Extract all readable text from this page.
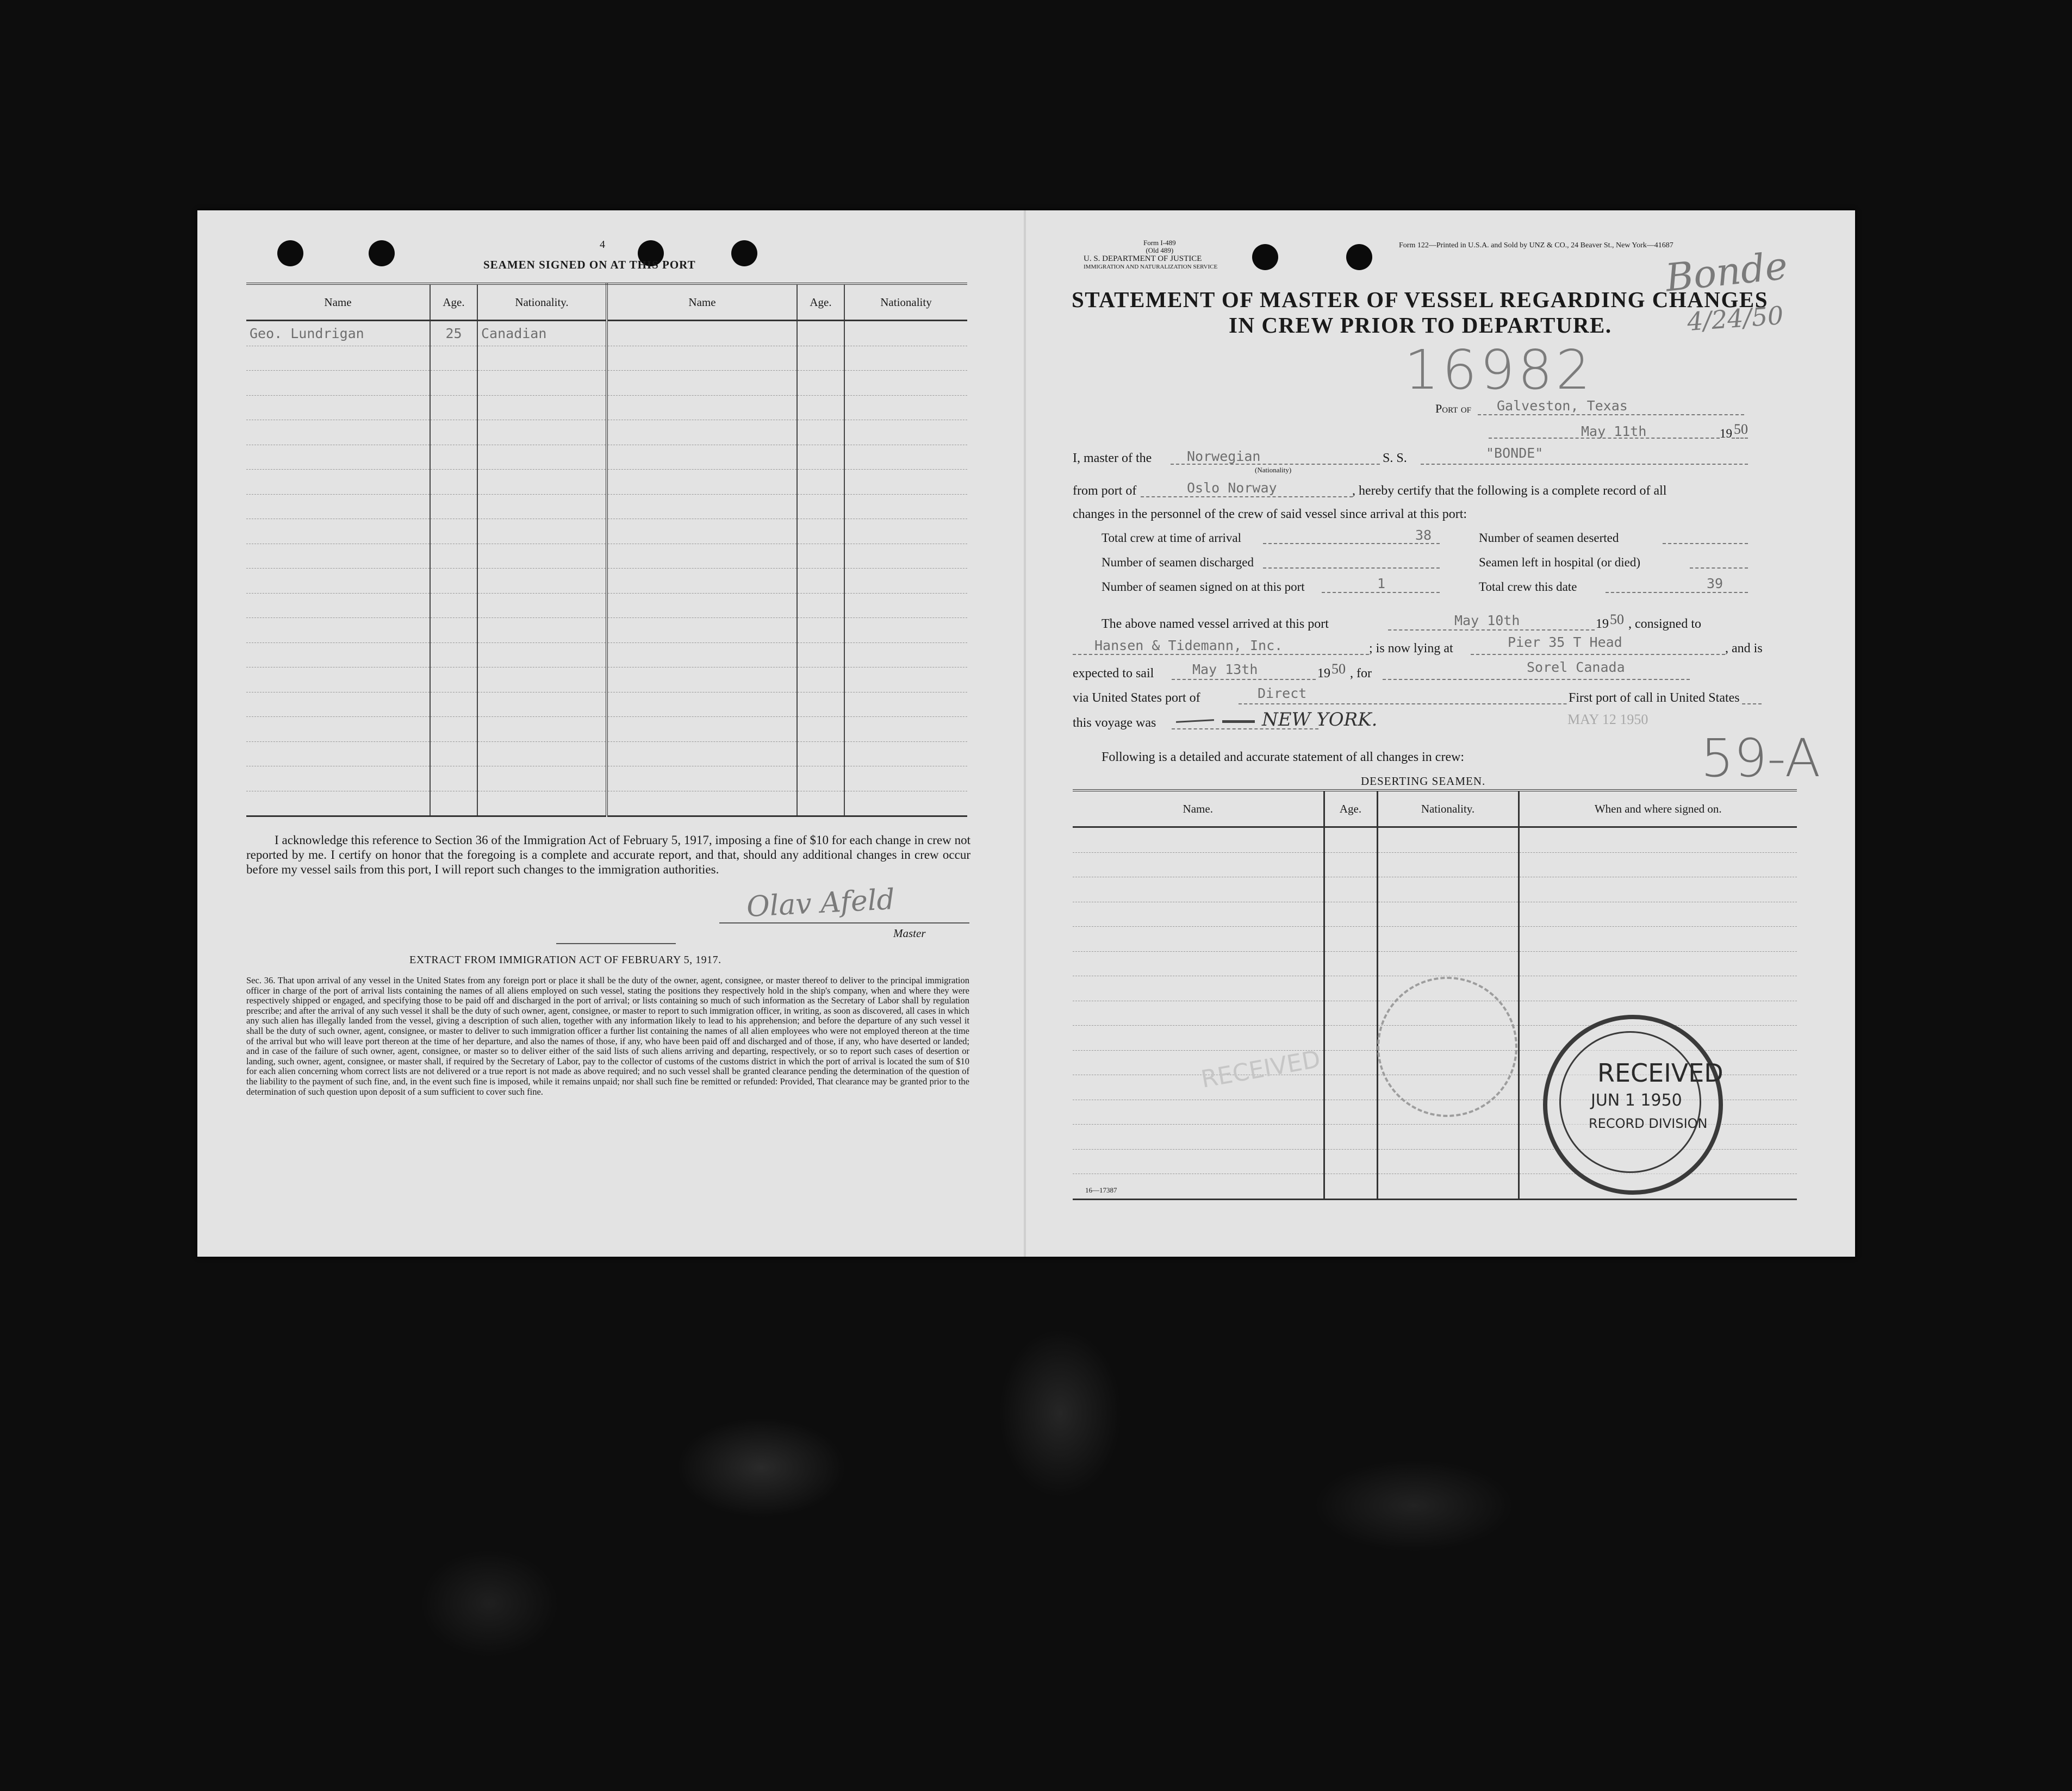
4
SEAMEN SIGNED ON AT THIS PORT
Name	Age.	Nationality.	Name	Age.	Nationality
Geo. Lundrigan	25	Canadian			

I acknowledge this reference to Section 36 of the Immigration Act of February 5, 1917, imposing a fine of $10 for each change in crew not reported by me. I certify on honor that the foregoing is a complete and accurate report, and that, should any additional changes in crew occur before my vessel sails from this port, I will report such changes to the immigration authorities.
Olav Afeld
Master
EXTRACT FROM IMMIGRATION ACT OF FEBRUARY 5, 1917.
Sec. 36. That upon arrival of any vessel in the United States from any foreign port or place it shall be the duty of the owner, agent, consignee, or master thereof to deliver to the principal immigration officer in charge of the port of arrival lists containing the names of all aliens employed on such vessel, stating the positions they respectively hold in the ship's company, when and where they were respectively shipped or engaged, and specifying those to be paid off and discharged in the port of arrival; or lists containing so much of such information as the Secretary of Labor shall by regulation prescribe; and after the arrival of any such vessel it shall be the duty of such owner, agent, consignee, or master to report to such immigration officer, in writing, as soon as discovered, all cases in which any such alien has illegally landed from the vessel, giving a description of such alien, together with any information likely to lead to his apprehension; and before the departure of any such vessel it shall be the duty of such owner, agent, consignee, or master to deliver to such immigration officer a further list containing the names of all alien employees who were not employed thereon at the time of the arrival but who will leave port thereon at the time of her departure, and also the names of those, if any, who have been paid off and discharged and of those, if any, who have deserted or landed; and in case of the failure of such owner, agent, consignee, or master so to deliver either of the said lists of such aliens arriving and departing, respectively, or so to report such cases of desertion or landing, such owner, agent, consignee, or master shall, if required by the Secretary of Labor, pay to the collector of customs of the customs district in which the port of arrival is located the sum of $10 for each alien concerning whom correct lists are not delivered or a true report is not made as above required; and no such vessel shall be granted clearance pending the determination of the question of the liability to the payment of such fine, and, in the event such fine is imposed, while it remains unpaid; nor shall such fine be remitted or refunded: Provided, That clearance may be granted prior to the determination of such question upon deposit of a sum sufficient to cover such fine.
Form I-489
(Old 489)
U. S. DEPARTMENT OF JUSTICE
IMMIGRATION AND NATURALIZATION SERVICE
Form 122—Printed in U.S.A. and Sold by UNZ & CO., 24 Beaver St., New York—41687
STATEMENT OF MASTER OF VESSEL REGARDING CHANGES
IN CREW PRIOR TO DEPARTURE.
Bonde
4/24/50
16982
Port of Galveston, Texas
May 11th	19 50
I, master of the	Norwegian
(Nationality)
S. S.	"BONDE"
from port of	Oslo Norway	, hereby certify that the following is a complete record of all
changes in the personnel of the crew of said vessel since arrival at this port:
Total crew at time of arrival	38	Number of seamen deserted
Number of seamen discharged	Seamen left in hospital (or died)
Number of seamen signed on at this port	1	Total crew this date	39
The above named vessel arrived at this port	May 10th	19 50 , consigned to
Hansen & Tidemann, Inc.	; is now lying at	Pier 35 T Head	, and is
expected to sail	May 13th	19 50 , for	Sorel Canada
via United States port of	Direct	First port of call in United States
this voyage was	NEW YORK.	MAY 12 1950
Following is a detailed and accurate statement of all changes in crew:	59-A
DESERTING SEAMEN.
Name.	Age.	Nationality.	When and where signed on.

RECEIVED	RECEIVED
JUN 1 1950
RECORD DIVISION
16—17387
